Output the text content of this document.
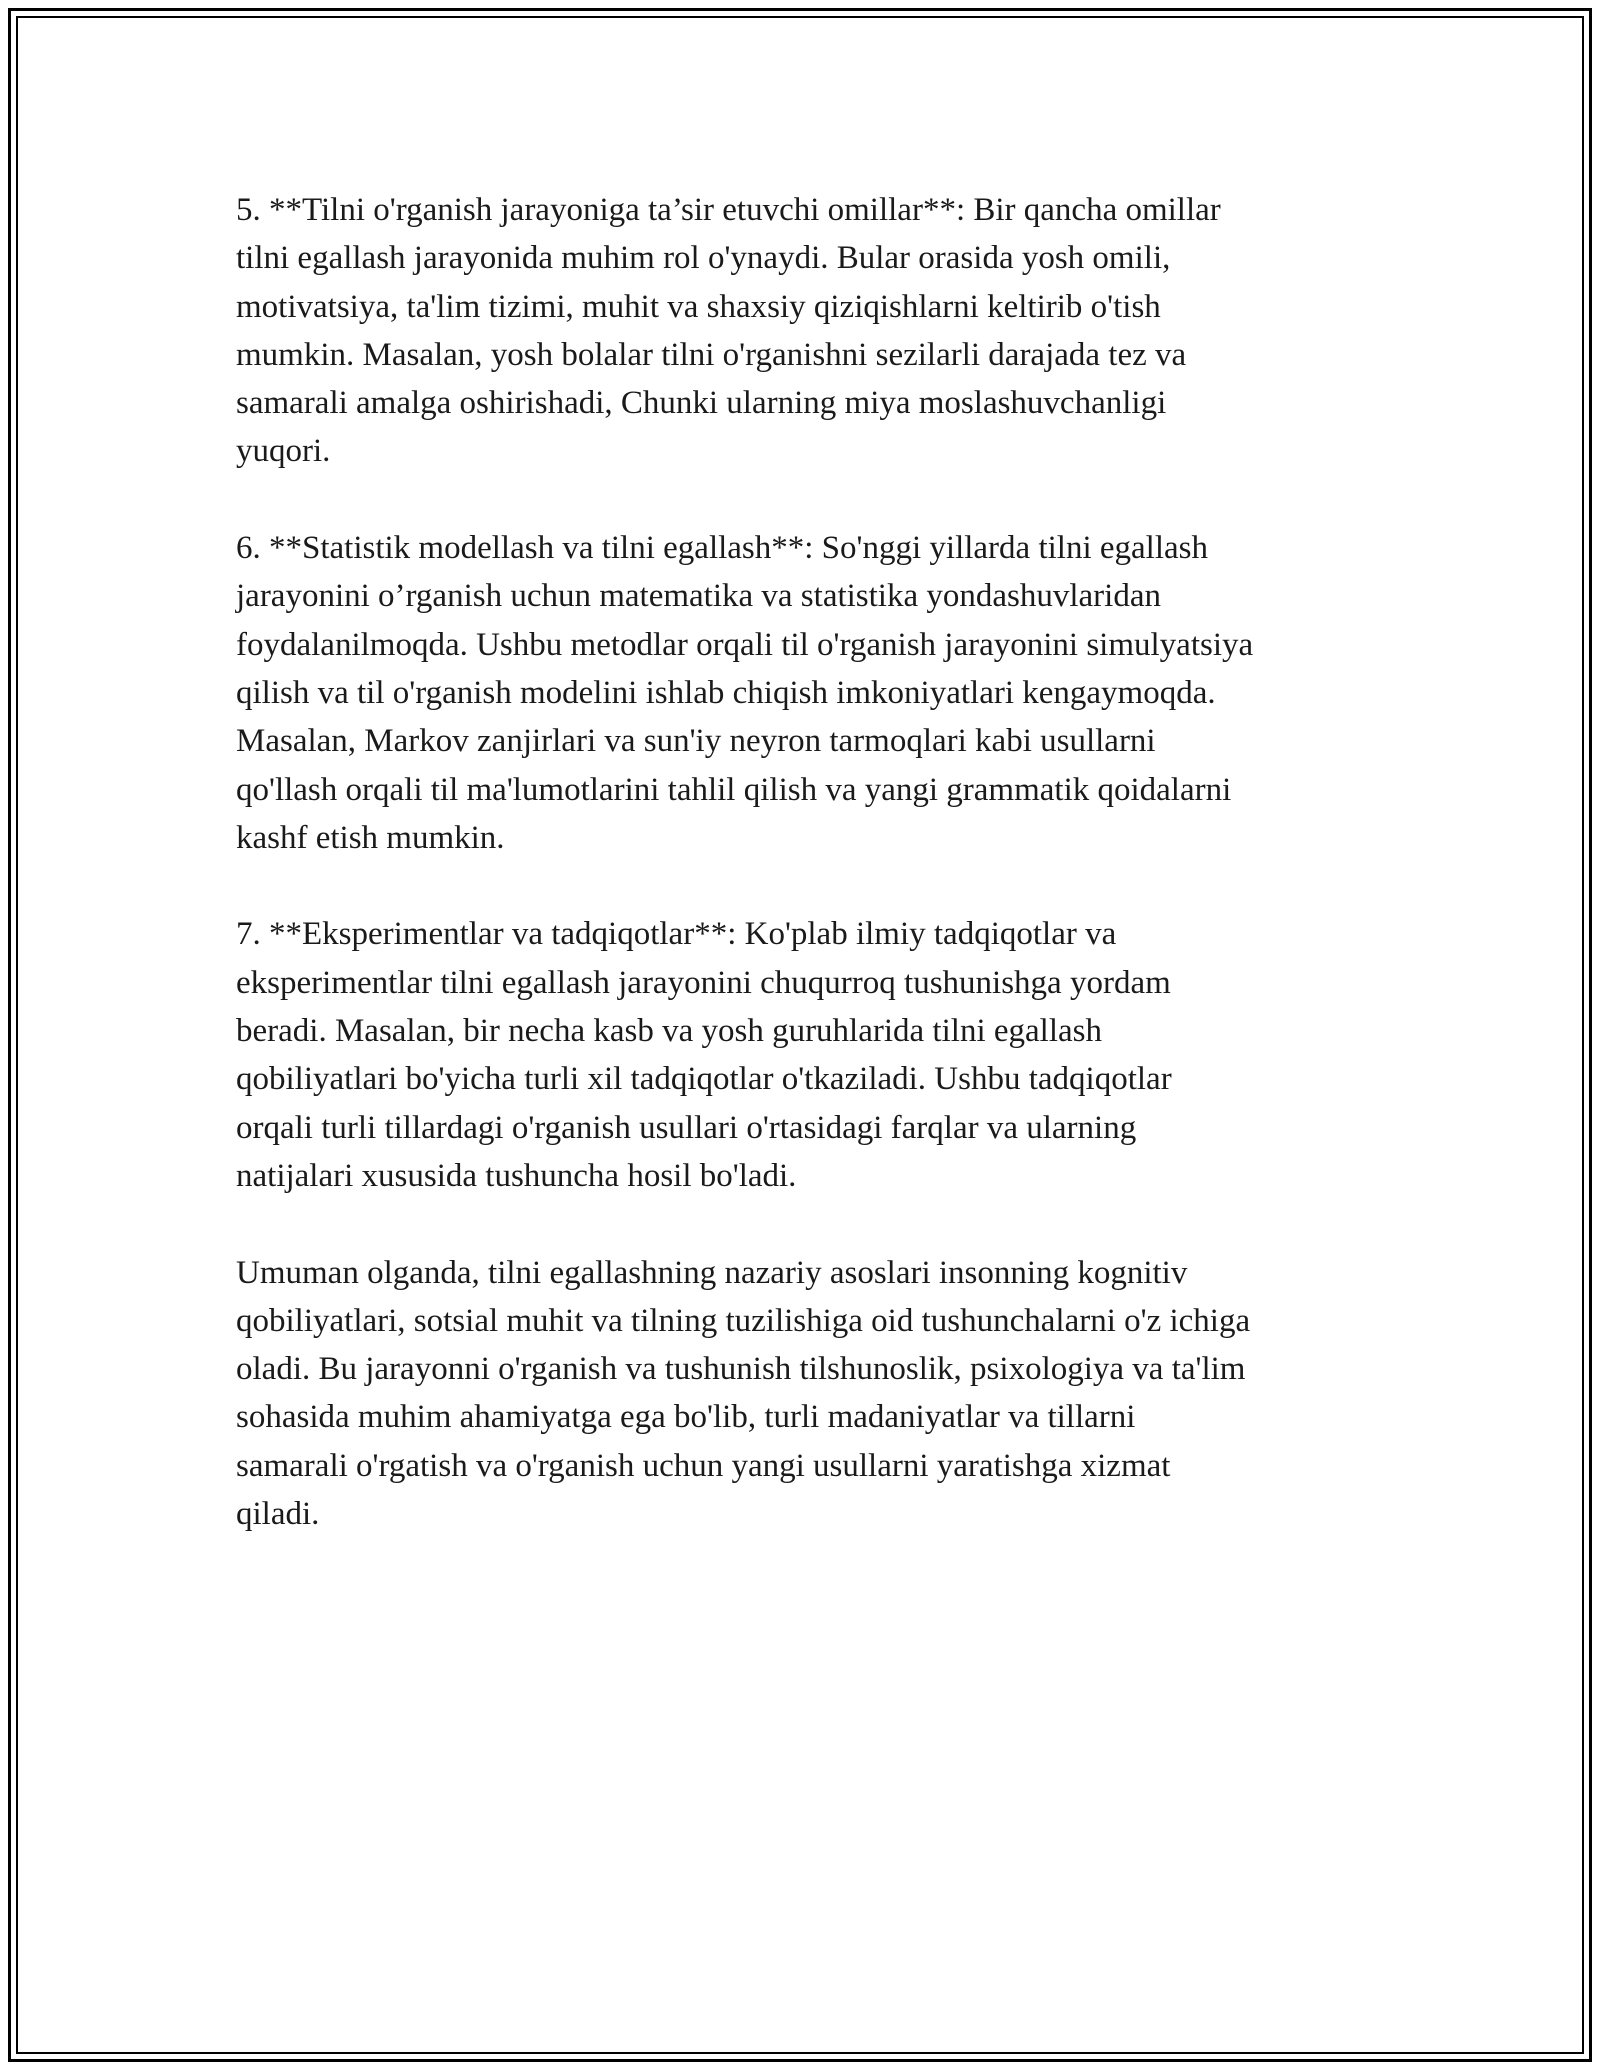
5. **Tilni o'rganish jarayoniga ta’sir etuvchi omillar**: Bir qancha omillar
tilni egallash jarayonida muhim rol o'ynaydi. Bular orasida yosh omili,
motivatsiya, ta'lim tizimi, muhit va shaxsiy qiziqishlarni keltirib o'tish
mumkin. Masalan, yosh bolalar tilni o'rganishni sezilarli darajada tez va
samarali amalga oshirishadi, Chunki ularning miya moslashuvchanligi
yuqori.

6. **Statistik modellash va tilni egallash**: So'nggi yillarda tilni egallash
jarayonini o’rganish uchun matematika va statistika yondashuvlaridan
foydalanilmoqda. Ushbu metodlar orqali til o'rganish jarayonini simulyatsiya
qilish va til o'rganish modelini ishlab chiqish imkoniyatlari kengaymoqda.
Masalan, Markov zanjirlari va sun'iy neyron tarmoqlari kabi usullarni
qo'llash orqali til ma'lumotlarini tahlil qilish va yangi grammatik qoidalarni
kashf etish mumkin.

7. **Eksperimentlar va tadqiqotlar**: Ko'plab ilmiy tadqiqotlar va
eksperimentlar tilni egallash jarayonini chuqurroq tushunishga yordam
beradi. Masalan, bir necha kasb va yosh guruhlarida tilni egallash
qobiliyatlari bo'yicha turli xil tadqiqotlar o'tkaziladi. Ushbu tadqiqotlar
orqali turli tillardagi o'rganish usullari o'rtasidagi farqlar va ularning
natijalari xususida tushuncha hosil bo'ladi.

Umuman olganda, tilni egallashning nazariy asoslari insonning kognitiv
qobiliyatlari, sotsial muhit va tilning tuzilishiga oid tushunchalarni o'z ichiga
oladi. Bu jarayonni o'rganish va tushunish tilshunoslik, psixologiya va ta'lim
sohasida muhim ahamiyatga ega bo'lib, turli madaniyatlar va tillarni
samarali o'rgatish va o'rganish uchun yangi usullarni yaratishga xizmat
qiladi.
